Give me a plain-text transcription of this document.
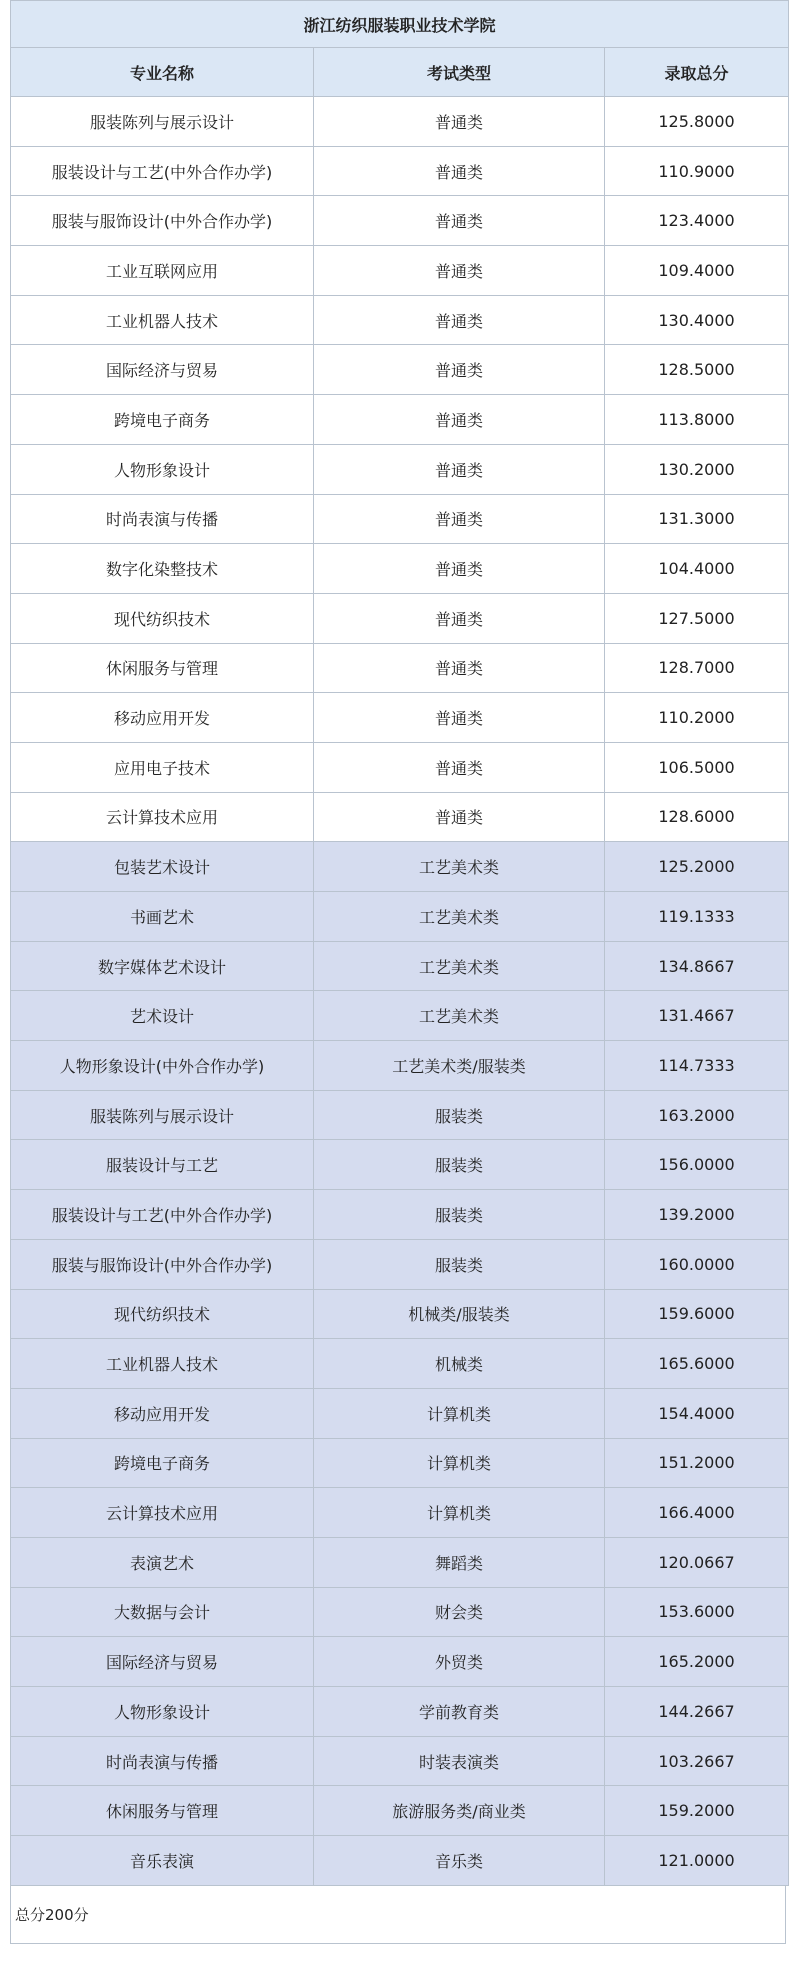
浙江纺织服装职业技术学院		
专业名称	考试类型	录取总分
服装陈列与展示设计	普通类	125.8000
服装设计与工艺(中外合作办学)	普通类	110.9000
服装与服饰设计(中外合作办学)	普通类	123.4000
工业互联网应用	普通类	109.4000
工业机器人技术	普通类	130.4000
国际经济与贸易	普通类	128.5000
跨境电子商务	普通类	113.8000
人物形象设计	普通类	130.2000
时尚表演与传播	普通类	131.3000
数字化染整技术	普通类	104.4000
现代纺织技术	普通类	127.5000
休闲服务与管理	普通类	128.7000
移动应用开发	普通类	110.2000
应用电子技术	普通类	106.5000
云计算技术应用	普通类	128.6000
包装艺术设计	工艺美术类	125.2000
书画艺术	工艺美术类	119.1333
数字媒体艺术设计	工艺美术类	134.8667
艺术设计	工艺美术类	131.4667
人物形象设计(中外合作办学)	工艺美术类/服装类	114.7333
服装陈列与展示设计	服装类	163.2000
服装设计与工艺	服装类	156.0000
服装设计与工艺(中外合作办学)	服装类	139.2000
服装与服饰设计(中外合作办学)	服装类	160.0000
现代纺织技术	机械类/服装类	159.6000
工业机器人技术	机械类	165.6000
移动应用开发	计算机类	154.4000
跨境电子商务	计算机类	151.2000
云计算技术应用	计算机类	166.4000
表演艺术	舞蹈类	120.0667
大数据与会计	财会类	153.6000
国际经济与贸易	外贸类	165.2000
人物形象设计	学前教育类	144.2667
时尚表演与传播	时装表演类	103.2667
休闲服务与管理	旅游服务类/商业类	159.2000
音乐表演	音乐类	121.0000
总分200分
